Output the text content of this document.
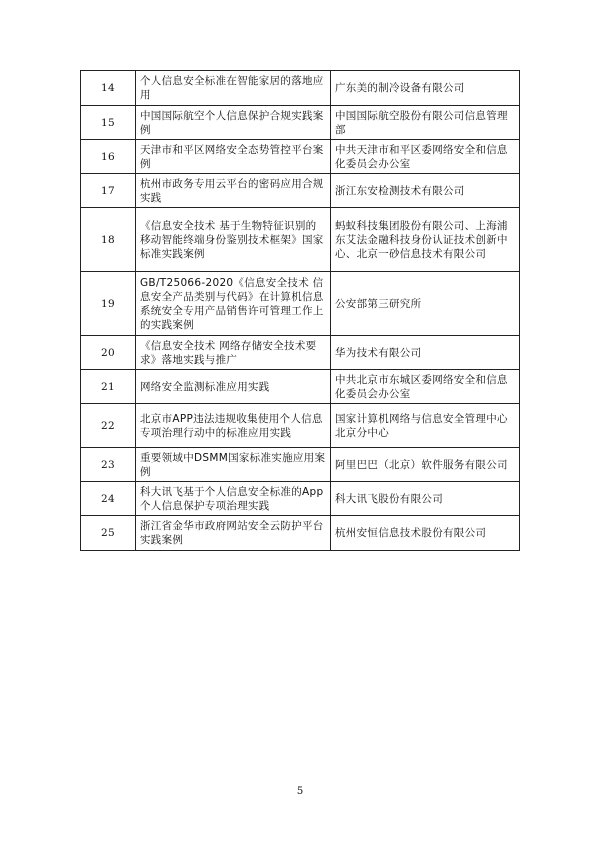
14	个人信息安全标准在智能家居的落地应用	广东美的制冷设备有限公司
15	中国国际航空个人信息保护合规实践案例	中国国际航空股份有限公司信息管理部
16	天津市和平区网络安全态势管控平台案例	中共天津市和平区委网络安全和信息化委员会办公室
17	杭州市政务专用云平台的密码应用合规实践	浙江东安检测技术有限公司
18	《信息安全技术 基于生物特征识别的移动智能终端身份鉴别技术框架》国家标准实践案例	蚂蚁科技集团股份有限公司、上海浦东艾法金融科技身份认证技术创新中心、北京一砂信息技术有限公司
19	GB/T25066-2020《信息安全技术 信息安全产品类别与代码》在计算机信息系统安全专用产品销售许可管理工作上的实践案例	公安部第三研究所
20	《信息安全技术 网络存储安全技术要求》落地实践与推广	华为技术有限公司
21	网络安全监测标准应用实践	中共北京市东城区委网络安全和信息化委员会办公室
22	北京市APP违法违规收集使用个人信息专项治理行动中的标准应用实践	国家计算机网络与信息安全管理中心北京分中心
23	重要领域中DSMM国家标准实施应用案例	阿里巴巴（北京）软件服务有限公司
24	科大讯飞基于个人信息安全标准的App个人信息保护专项治理实践	科大讯飞股份有限公司
25	浙江省金华市政府网站安全云防护平台实践案例	杭州安恒信息技术股份有限公司
5
